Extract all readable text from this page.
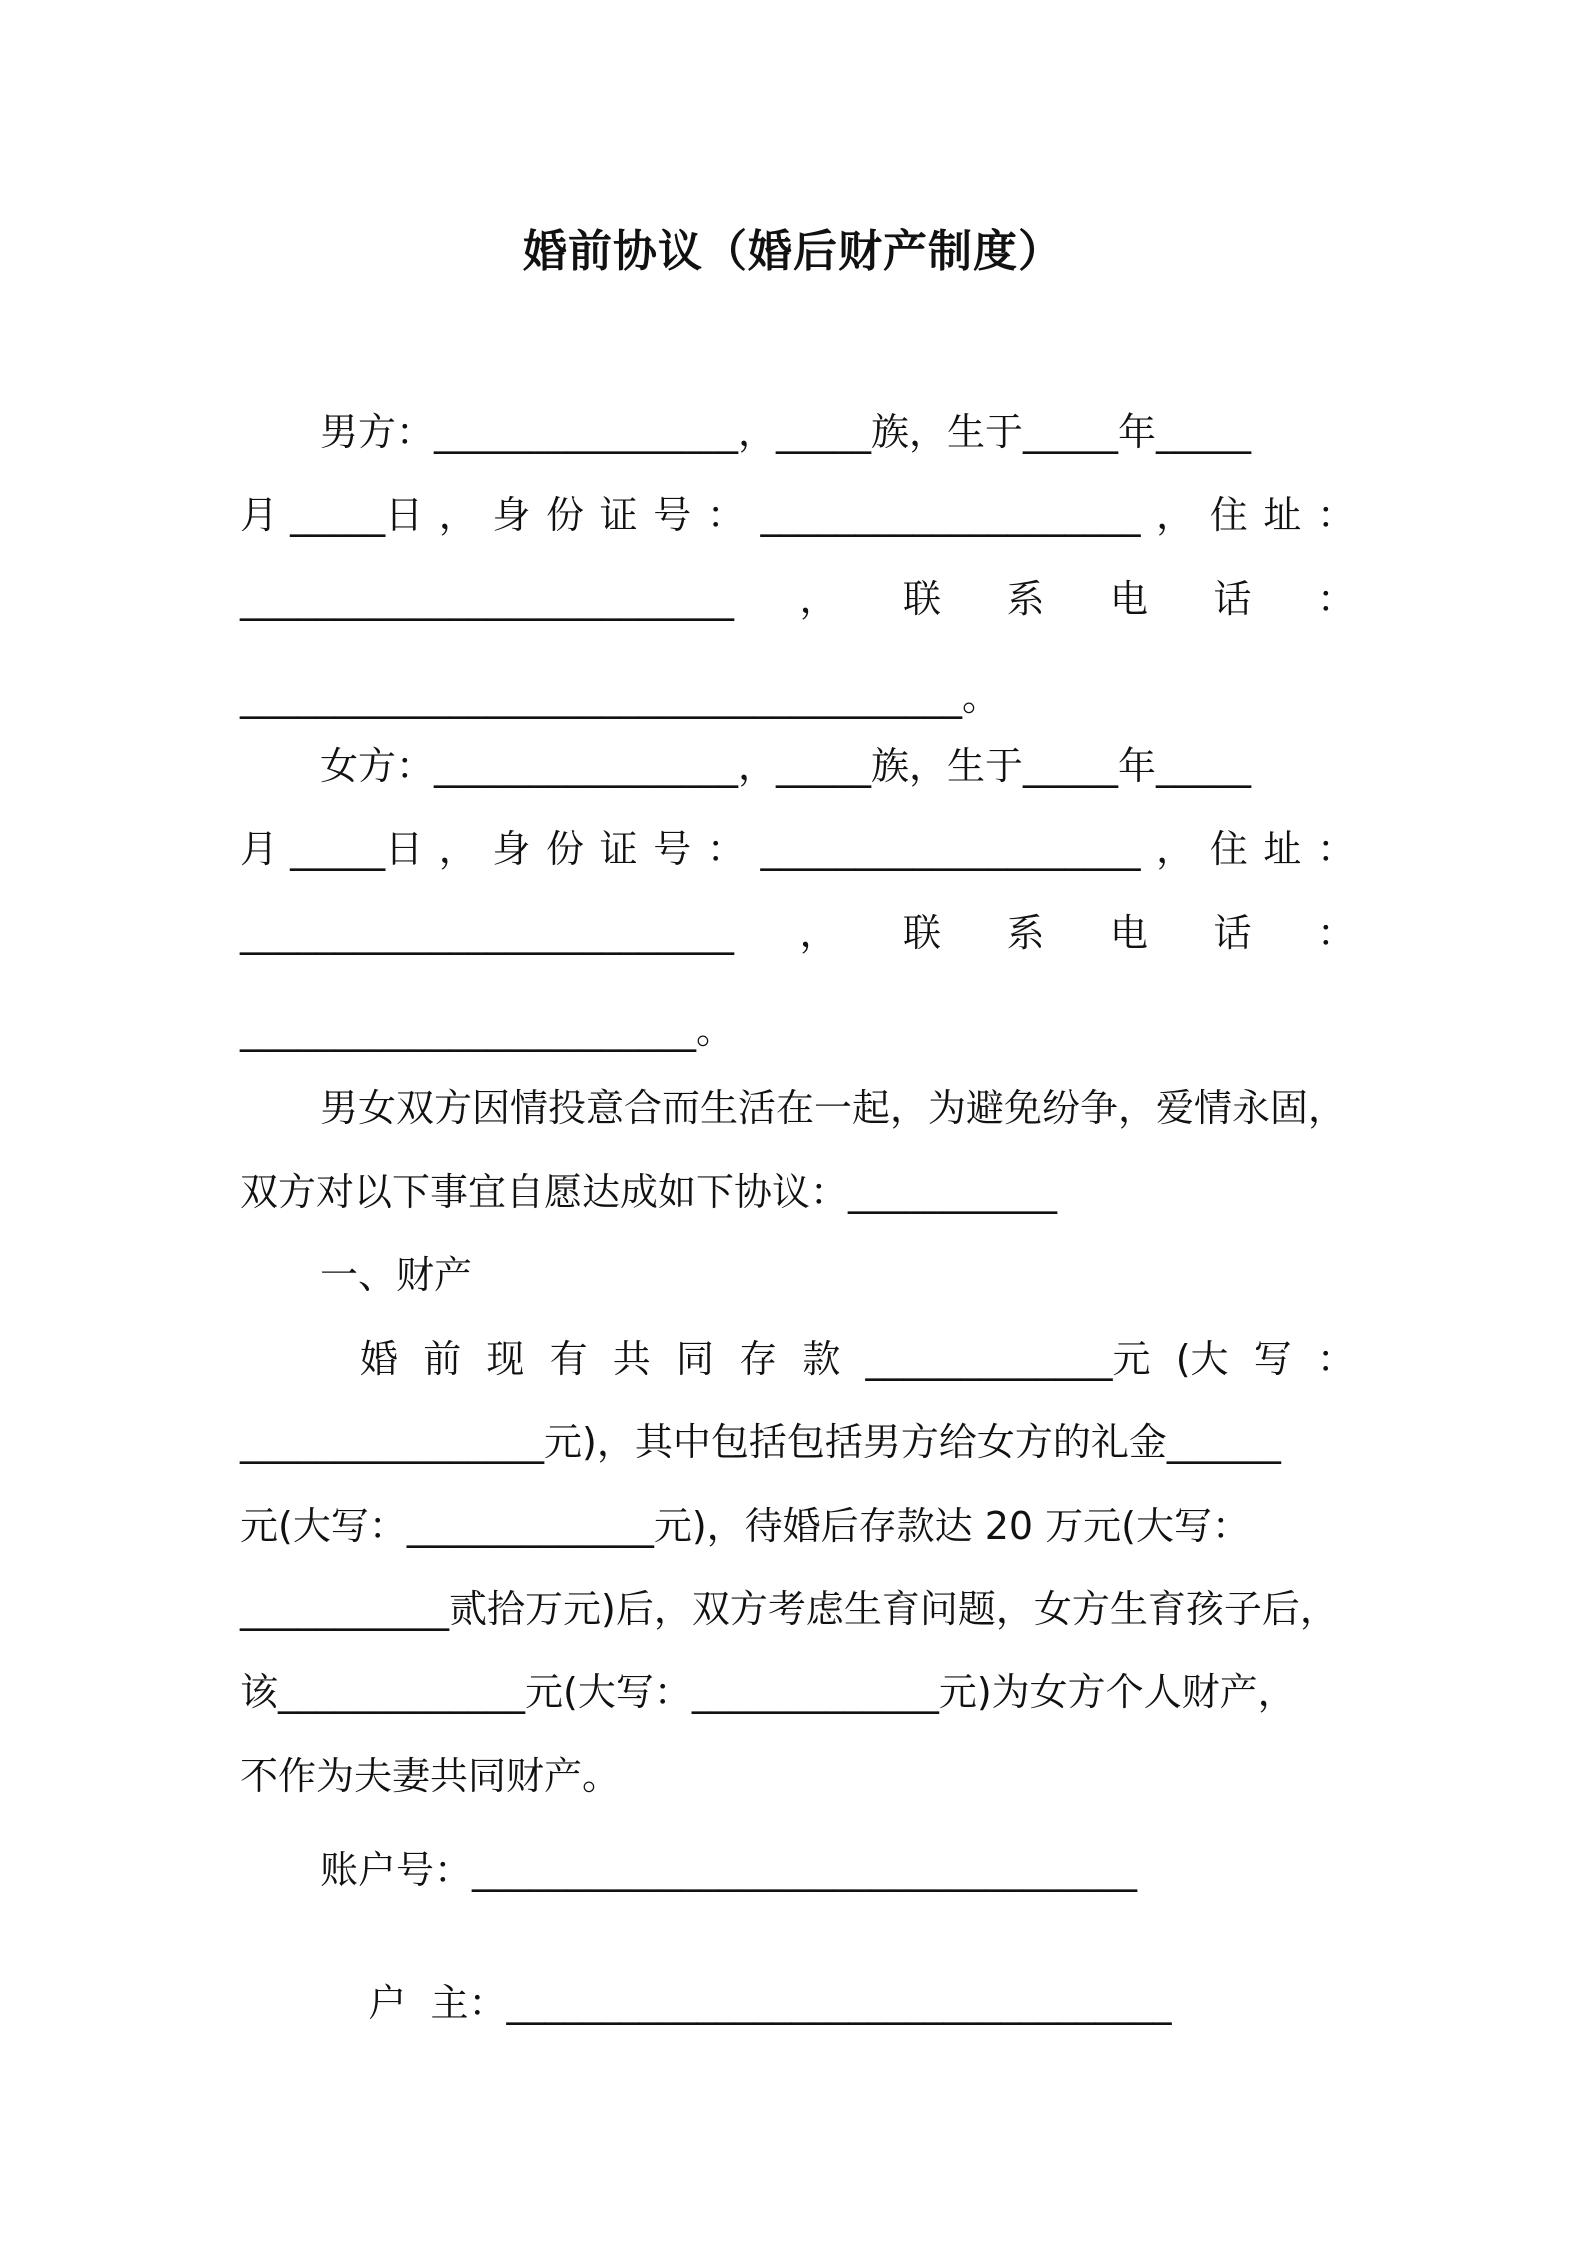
婚前协议（婚后财产制度）
男方：________________，_____族，生于_____年_____
月 _____日 ， 身 份 证 号 ： ____________________ ， 住 址 ：
__________________________ ， 联 系 电 话 ：
______________________________________。
女方：________________，_____族，生于_____年_____
月 _____日 ， 身 份 证 号 ： ____________________ ， 住 址 ：
__________________________ ， 联 系 电 话 ：
________________________。
男女双方因情投意合而生活在一起，为避免纷争，爱情永固，
双方对以下事宜自愿达成如下协议：___________
一、财产
婚 前 现 有 共 同 存 款 _____________元 (大 写 ：
________________元)，其中包括包括男方给女方的礼金______
元(大写：_____________元)，待婚后存款达 20 万元(大写：
___________贰拾万元)后，双方考虑生育问题，女方生育孩子后，
该_____________元(大写：_____________元)为女方个人财产，
不作为夫妻共同财产。
账户号：___________________________________

户  主：___________________________________
